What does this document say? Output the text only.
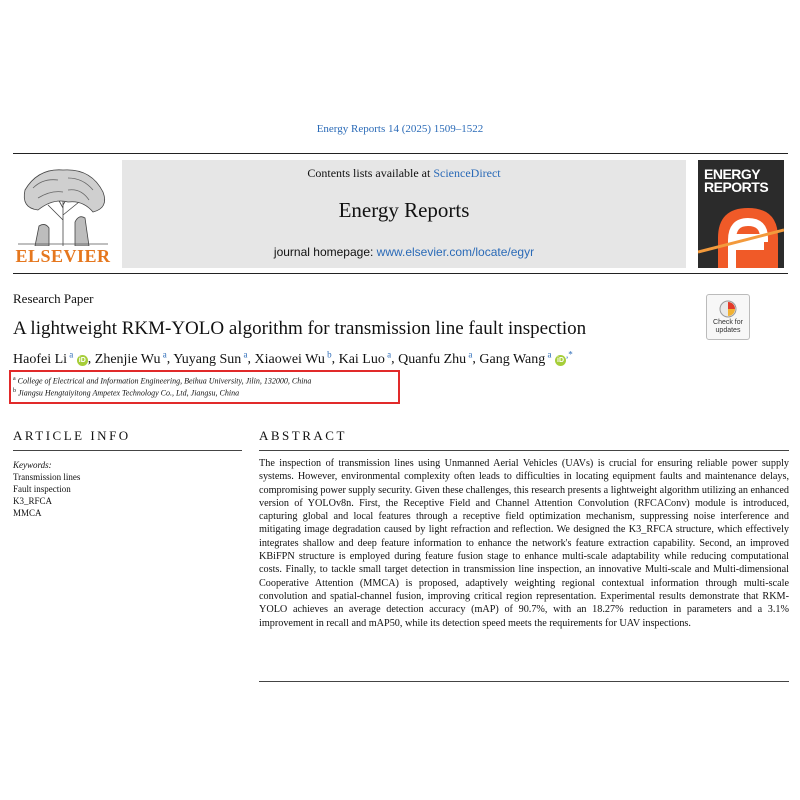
Energy Reports 14 (2025) 1509–1522
ELSEVIER
Contents lists available at ScienceDirect
Energy Reports
journal homepage: www.elsevier.com/locate/egyr
ENERGY
REPORTS
Research Paper
A lightweight RKM-YOLO algorithm for transmission line fault inspection	Check for updates
Haofei Li $^a$ iD , Zhenjie Wu $^a$, Yuyang Sun $^a$, Xiaowei Wu $^b$, Kai Luo $^a$, Quanfu Zhu $^a$, Gang Wang $^a$ iD,*
$^a$ College of Electrical and Information Engineering, Beihua University, Jilin, 132000, China
$^b$ Jiangsu Hengtaiyitong Ampetex Technology Co., Ltd, Jiangsu, China
ARTICLE INFO	ABSTRACT
Keywords:
Transmission lines
Fault inspection
K3_RFCA
MMCA

The inspection of transmission lines using Unmanned Aerial Vehicles (UAVs) is crucial for ensuring reliable power supply systems. However, environmental complexity often leads to difficulties in locating equipment faults and maintenance delays, compromising power supply security. Given these challenges, this research presents a lightweight algorithm utilizing an enhanced version of YOLOv8n. First, the Receptive Field and Channel Attention Convolution (RFCAConv) module is introduced, capturing global and local features through a receptive field optimization mechanism, suppressing noise interference and mitigating image degradation caused by light refraction and reflection. We designed the K3_RFCA structure, which effectively integrates shallow and deep feature information to enhance the network's feature extraction capability. Second, an improved KBiFPN structure is employed during feature fusion stage to enhance multi-scale adaptability while reducing computational costs. Finally, to tackle small target detection in transmission line inspection, an innovative Multi-scale and Multi-dimensional Cooperative Attention (MMCA) is proposed, adaptively weighting regional contextual information through multi-scale convolution and spatial-channel fusion, improving critical region representation. Experimental results demonstrate that RKM-YOLO achieves an average detection accuracy (mAP) of 90.7%, with an 18.27% reduction in parameters and a 3.1% improvement in recall and mAP50, while its detection speed meets the requirements for UAV inspections.
